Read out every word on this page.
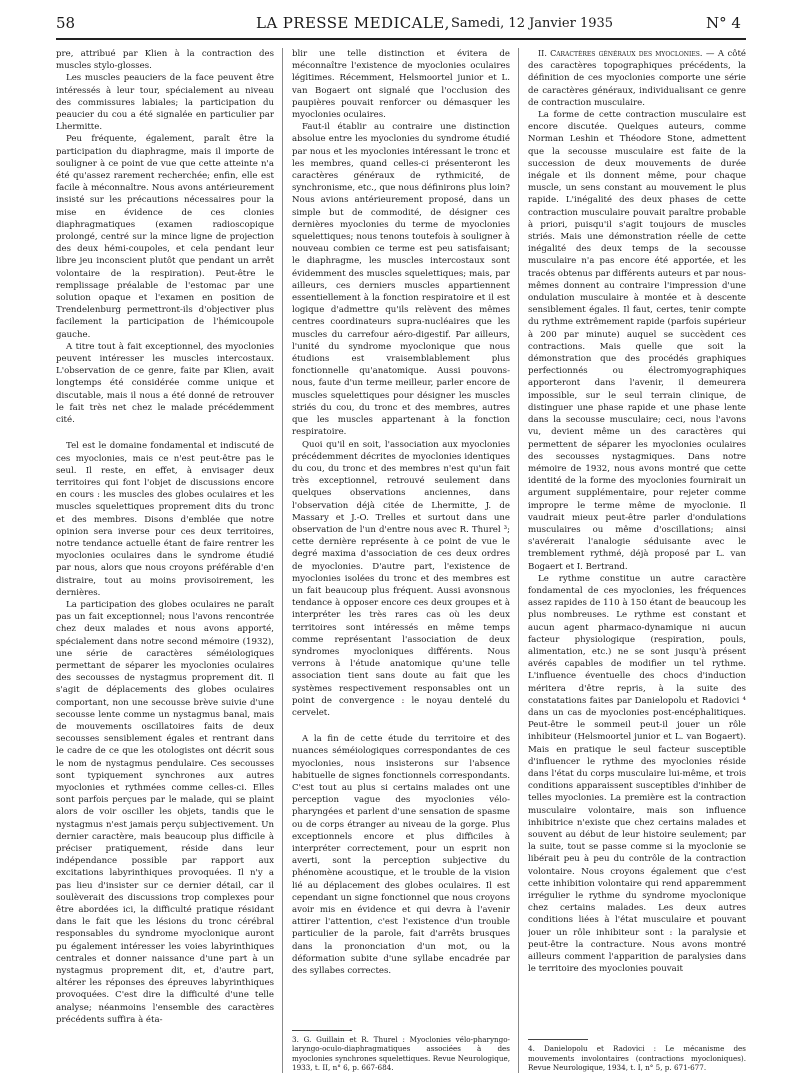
58	LA PRESSE MEDICALE, Samedi, 12 Janvier 1935	N° 4

pre, attribué par Klien à la contraction des muscles stylo-glosses.

Les muscles peauciers de la face peuvent être intéressés à leur tour, spécialement au niveau des commissures labiales; la participation du peaucier du cou a été signalée en particulier par Lhermitte.

Peu fréquente, également, paraît être la participation du diaphragme, mais il importe de souligner à ce point de vue que cette atteinte n'a été qu'assez rarement recherchée; enfin, elle est facile à méconnaître. Nous avons antérieurement insisté sur les précautions nécessaires pour la mise en évidence de ces clonies diaphragmatiques (examen radioscopique prolongé, centré sur la mince ligne de projection des deux hémi-coupoles, et cela pendant leur libre jeu inconscient plutôt que pendant un arrêt volontaire de la respiration). Peut-être le remplissage préalable de l'estomac par une solution opaque et l'examen en position de Trendelenburg permettront-ils d'objectiver plus facilement la participation de l'hémicoupole gauche.

A titre tout à fait exceptionnel, des myoclonies peuvent intéresser les muscles intercostaux. L'observation de ce genre, faite par Klien, avait longtemps été considérée comme unique et discutable, mais il nous a été donné de retrouver le fait très net chez le malade précédemment cité.

Tel est le domaine fondamental et indiscuté de ces myoclonies, mais ce n'est peut-être pas le seul. Il reste, en effet, à envisager deux territoires qui font l'objet de discussions encore en cours : les muscles des globes oculaires et les muscles squelettiques proprement dits du tronc et des membres. Disons d'emblée que notre opinion sera inverse pour ces deux territoires, notre tendance actuelle étant de faire rentrer les myoclonies oculaires dans le syndrome étudié par nous, alors que nous croyons préférable d'en distraire, tout au moins provisoirement, les dernières.

La participation des globes oculaires ne paraît pas un fait exceptionnel; nous l'avons rencontrée chez deux malades et nous avons apporté, spécialement dans notre second mémoire (1932), une série de caractères séméiologiques permettant de séparer les myoclonies oculaires des secousses de nystagmus proprement dit. Il s'agit de déplacements des globes oculaires comportant, non une secousse brève suivie d'une secousse lente comme un nystagmus banal, mais de mouvements oscillatoires faits de deux secousses sensiblement égales et rentrant dans le cadre de ce que les otologistes ont décrit sous le nom de nystagmus pendulaire. Ces secousses sont typiquement synchrones aux autres myoclonies et rythmées comme celles-ci. Elles sont parfois perçues par le malade, qui se plaint alors de voir osciller les objets, tandis que le nystagmus n'est jamais perçu subjectivement. Un dernier caractère, mais beaucoup plus difficile à préciser pratiquement, réside dans leur indépendance possible par rapport aux excitations labyrinthiques provoquées. Il n'y a pas lieu d'insister sur ce dernier détail, car il soulèverait des discussions trop complexes pour être abordées ici, la difficulté pratique résidant dans le fait que les lésions du tronc cérébral responsables du syndrome myoclonique auront pu également intéresser les voies labyrinthiques centrales et donner naissance d'une part à un nystagmus proprement dit, et, d'autre part, altérer les réponses des épreuves labyrinthiques provoquées. C'est dire la difficulté d'une telle analyse; néanmoins l'ensemble des caractères précédents suffira à éta-

blir une telle distinction et évitera de méconnaître l'existence de myoclonies oculaires légitimes. Récemment, Helsmoortel junior et L. van Bogaert ont signalé que l'occlusion des paupières pouvait renforcer ou démasquer les myoclonies oculaires.

Faut-il établir au contraire une distinction absolue entre les myoclonies du syndrome étudié par nous et les myoclonies intéressant le tronc et les membres, quand celles-ci présenteront les caractères généraux de rythmicité, de synchronisme, etc., que nous définirons plus loin? Nous avions antérieurement proposé, dans un simple but de commodité, de désigner ces dernières myoclonies du terme de myoclonies squelettiques; nous tenons toutefois à souligner à nouveau combien ce terme est peu satisfaisant; le diaphragme, les muscles intercostaux sont évidemment des muscles squelettiques; mais, par ailleurs, ces derniers muscles appartiennent essentiellement à la fonction respiratoire et il est logique d'admettre qu'ils relèvent des mêmes centres coordinateurs supra-nucléaires que les muscles du carrefour aéro-digestif. Par ailleurs, l'unité du syndrome myoclonique que nous étudions est vraisemblablement plus fonctionnelle qu'anatomique. Aussi pouvons-nous, faute d'un terme meilleur, parler encore de muscles squelettiques pour désigner les muscles striés du cou, du tronc et des membres, autres que les muscles appartenant à la fonction respiratoire.

Quoi qu'il en soit, l'association aux myoclonies précédemment décrites de myoclonies identiques du cou, du tronc et des membres n'est qu'un fait très exceptionnel, retrouvé seulement dans quelques observations anciennes, dans l'observation déjà citée de Lhermitte, J. de Massary et J.-O. Trelles et surtout dans une observation de l'un d'entre nous avec R. Thurel ³; cette dernière représente à ce point de vue le degré maxima d'association de ces deux ordres de myoclonies. D'autre part, l'existence de myoclonies isolées du tronc et des membres est un fait beaucoup plus fréquent. Aussi avonsnous tendance à opposer encore ces deux groupes et à interpréter les très rares cas où les deux territoires sont intéressés en même temps comme représentant l'association de deux syndromes myocloniques différents. Nous verrons à l'étude anatomique qu'une telle association tient sans doute au fait que les systèmes respectivement responsables ont un point de convergence : le noyau dentelé du cervelet.

A la fin de cette étude du territoire et des nuances séméiologiques correspondantes de ces myoclonies, nous insisterons sur l'absence habituelle de signes fonctionnels correspondants. C'est tout au plus si certains malades ont une perception vague des myoclonies vélo-pharyngées et parlent d'une sensation de spasme ou de corps étranger au niveau de la gorge. Plus exceptionnels encore et plus difficiles à interpréter correctement, pour un esprit non averti, sont la perception subjective du phénomène acoustique, et le trouble de la vision lié au déplacement des globes oculaires. Il est cependant un signe fonctionnel que nous croyons avoir mis en évidence et qui devra à l'avenir attirer l'attention, c'est l'existence d'un trouble particulier de la parole, fait d'arrêts brusques dans la prononciation d'un mot, ou la déformation subite d'une syllabe encadrée par des syllabes correctes.

3. G. Guillain et R. Thurel : Myoclonies vélo-pharyngo-laryngo-oculo-diaphragmatiques associées à des myoclonies synchrones squelettiques. Revue Neurologique, 1933, t. II, n° 6, p. 667-684.

II. Caractères généraux des myoclonies. — A côté des caractères topographiques précédents, la définition de ces myoclonies comporte une série de caractères généraux, individualisant ce genre de contraction musculaire.

La forme de cette contraction musculaire est encore discutée. Quelques auteurs, comme Norman Leshin et Théodore Stone, admettent que la secousse musculaire est faite de la succession de deux mouvements de durée inégale et ils donnent même, pour chaque muscle, un sens constant au mouvement le plus rapide. L'inégalité des deux phases de cette contraction musculaire pouvait paraître probable à priori, puisqu'il s'agit toujours de muscles striés. Mais une démonstration réelle de cette inégalité des deux temps de la secousse musculaire n'a pas encore été apportée, et les tracés obtenus par différents auteurs et par nous-mêmes donnent au contraire l'impression d'une ondulation musculaire à montée et à descente sensiblement égales. Il faut, certes, tenir compte du rythme extrêmement rapide (parfois supérieur à 200 par minute) auquel se succèdent ces contractions. Mais quelle que soit la démonstration que des procédés graphiques perfectionnés ou électromyographiques apporteront dans l'avenir, il demeurera impossible, sur le seul terrain clinique, de distinguer une phase rapide et une phase lente dans la secousse musculaire; ceci, nous l'avons vu, devient même un des caractères qui permettent de séparer les myoclonies oculaires des secousses nystagmiques. Dans notre mémoire de 1932, nous avons montré que cette identité de la forme des myoclonies fournirait un argument supplémentaire, pour rejeter comme impropre le terme même de myoclonie. Il vaudrait mieux peut-être parler d'ondulations musculaires ou même d'oscillations; ainsi s'avérerait l'analogie séduisante avec le tremblement rythmé, déjà proposé par L. van Bogaert et I. Bertrand.

Le rythme constitue un autre caractère fondamental de ces myoclonies, les fréquences assez rapides de 110 à 150 étant de beaucoup les plus nombreuses. Le rythme est constant et aucun agent pharmaco-dynamique ni aucun facteur physiologique (respiration, pouls, alimentation, etc.) ne se sont jusqu'à présent avérés capables de modifier un tel rythme. L'influence éventuelle des chocs d'induction méritera d'être repris, à la suite des constatations faites par Danielopolu et Radovici ⁴ dans un cas de myoclonies post-encéphalitiques. Peut-être le sommeil peut-il jouer un rôle inhibiteur (Helsmoortel junior et L. van Bogaert). Mais en pratique le seul facteur susceptible d'influencer le rythme des myoclonies réside dans l'état du corps musculaire lui-même, et trois conditions apparaissent susceptibles d'inhiber de telles myoclonies. La première est la contraction musculaire volontaire, mais son influence inhibitrice n'existe que chez certains malades et souvent au début de leur histoire seulement; par la suite, tout se passe comme si la myoclonie se libérait peu à peu du contrôle de la contraction volontaire. Nous croyons également que c'est cette inhibition volontaire qui rend apparemment irrégulier le rythme du syndrome myoclonique chez certains malades. Les deux autres conditions liées à l'état musculaire et pouvant jouer un rôle inhibiteur sont : la paralysie et peut-être la contracture. Nous avons montré ailleurs comment l'apparition de paralysies dans le territoire des myoclonies pouvait

4. Danielopolu et Radovici : Le mécanisme des mouvements involontaires (contractions myocloniques). Revue Neurologique, 1934, t. I, n° 5, p. 671-677.
